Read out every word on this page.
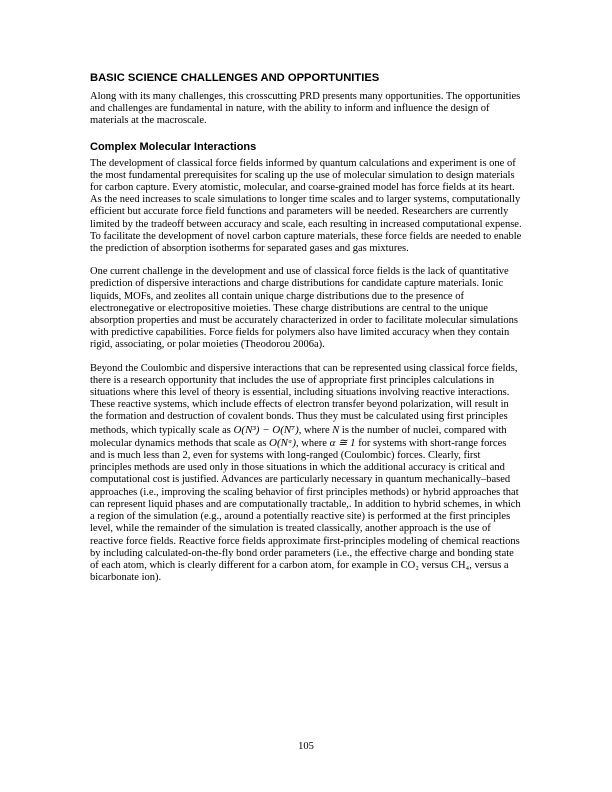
BASIC SCIENCE CHALLENGES AND OPPORTUNITIES

Along with its many challenges, this crosscutting PRD presents many opportunities. The opportunities and challenges are fundamental in nature, with the ability to inform and influence the design of materials at the macroscale.

Complex Molecular Interactions

The development of classical force fields informed by quantum calculations and experiment is one of the most fundamental prerequisites for scaling up the use of molecular simulation to design materials for carbon capture. Every atomistic, molecular, and coarse-grained model has force fields at its heart. As the need increases to scale simulations to longer time scales and to larger systems, computationally efficient but accurate force field functions and parameters will be needed. Researchers are currently limited by the tradeoff between accuracy and scale, each resulting in increased computational expense. To facilitate the development of novel carbon capture materials, these force fields are needed to enable the prediction of absorption isotherms for separated gases and gas mixtures.

One current challenge in the development and use of classical force fields is the lack of quantitative prediction of dispersive interactions and charge distributions for candidate capture materials. Ionic liquids, MOFs, and zeolites all contain unique charge distributions due to the presence of electronegative or electropositive moieties. These charge distributions are central to the unique absorption properties and must be accurately characterized in order to facilitate molecular simulations with predictive capabilities. Force fields for polymers also have limited accuracy when they contain rigid, associating, or polar moieties (Theodorou 2006a).

Beyond the Coulombic and dispersive interactions that can be represented using classical force fields, there is a research opportunity that includes the use of appropriate first principles calculations in situations where this level of theory is essential, including situations involving reactive interactions. These reactive systems, which include effects of electron transfer beyond polarization, will result in the formation and destruction of covalent bonds. Thus they must be calculated using first principles methods, which typically scale as O(N³) − O(N⁷), where N is the number of nuclei, compared with molecular dynamics methods that scale as O(Nᵅ), where α ≅ 1 for systems with short-range forces and is much less than 2, even for systems with long-ranged (Coulombic) forces. Clearly, first principles methods are used only in those situations in which the additional accuracy is critical and computational cost is justified. Advances are particularly necessary in quantum mechanically–based approaches (i.e., improving the scaling behavior of first principles methods) or hybrid approaches that can represent liquid phases and are computationally tractable,. In addition to hybrid schemes, in which a region of the simulation (e.g., around a potentially reactive site) is performed at the first principles level, while the remainder of the simulation is treated classically, another approach is the use of reactive force fields. Reactive force fields approximate first-principles modeling of chemical reactions by including calculated-on-the-fly bond order parameters (i.e., the effective charge and bonding state of each atom, which is clearly different for a carbon atom, for example in CO₂ versus CH₄, versus a bicarbonate ion).

105
